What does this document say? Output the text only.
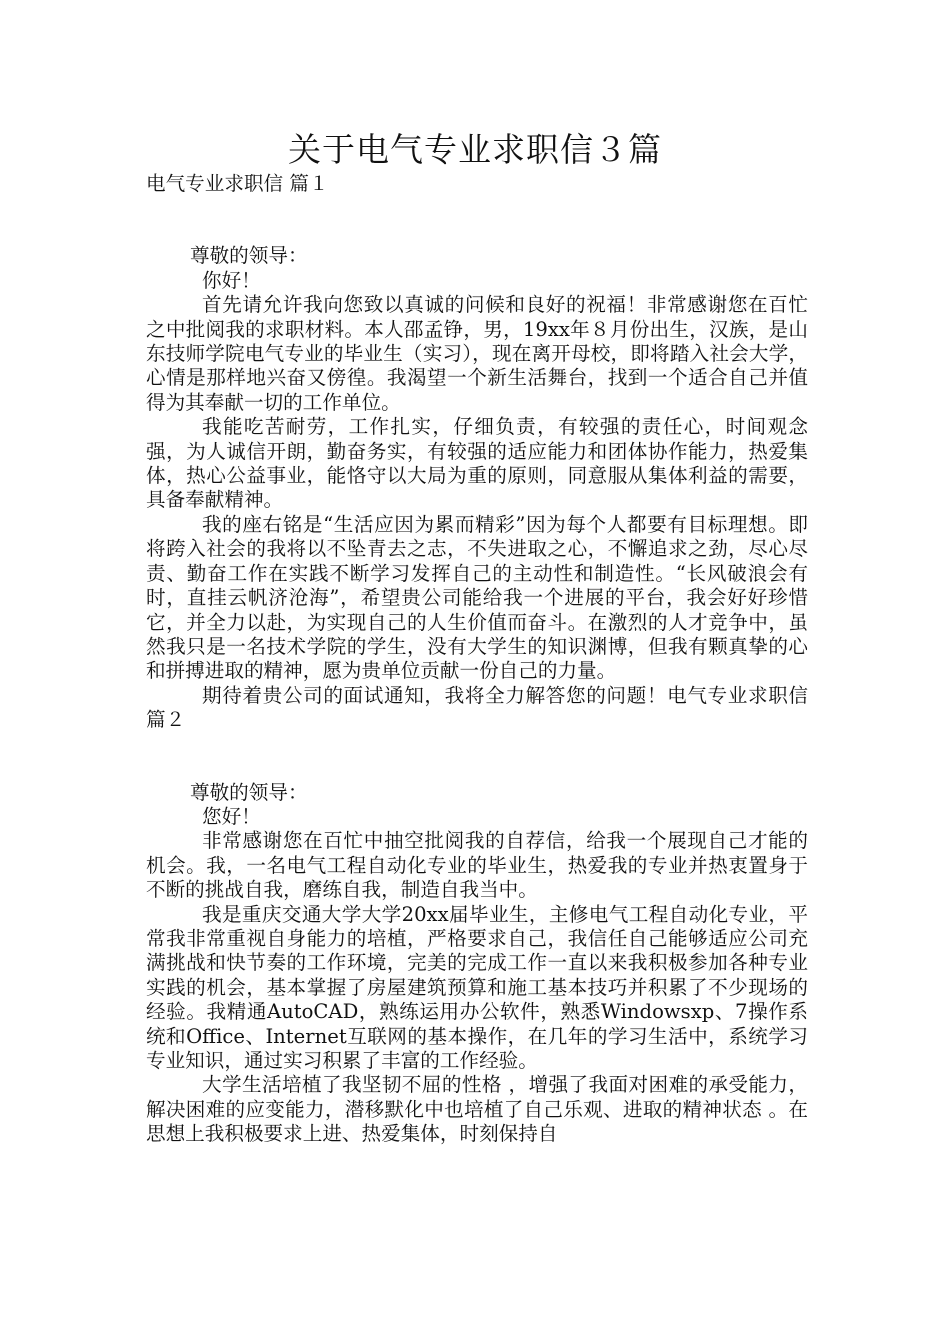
关于电气专业求职信３篇

电气专业求职信 篇１

尊敬的领导：

你好！

首先请允许我向您致以真诚的问候和良好的祝福！非常感谢您在百忙之中批阅我的求职材料。本人邵孟铮，男，19xx年８月份出生，汉族，是山东技师学院电气专业的毕业生（实习），现在离开母校，即将踏入社会大学，心情是那样地兴奋又傍徨。我渴望一个新生活舞台，找到一个适合自己并值得为其奉献一切的工作单位。

我能吃苦耐劳，工作扎实，仔细负责，有较强的责任心，时间观念强，为人诚信开朗，勤奋务实，有较强的适应能力和团体协作能力，热爱集体，热心公益事业，能恪守以大局为重的原则，同意服从集体利益的需要，具备奉献精神。

我的座右铭是“生活应因为累而精彩”因为每个人都要有目标理想。即将跨入社会的我将以不坠青去之志，不失进取之心，不懈追求之劲，尽心尽责、勤奋工作在实践不断学习发挥自己的主动性和制造性。“长风破浪会有时，直挂云帆济沧海”，希望贵公司能给我一个进展的平台，我会好好珍惜它，并全力以赴，为实现自己的人生价值而奋斗。在激烈的人才竞争中，虽然我只是一名技术学院的学生，没有大学生的知识渊博，但我有颗真挚的心和拼搏进取的精神，愿为贵单位贡献一份自己的力量。

期待着贵公司的面试通知，我将全力解答您的问题！电气专业求职信 篇２

尊敬的领导：

您好！

非常感谢您在百忙中抽空批阅我的自荐信，给我一个展现自己才能的机会。我，一名电气工程自动化专业的毕业生，热爱我的专业并热衷置身于不断的挑战自我，磨练自我，制造自我当中。

我是重庆交通大学大学20xx届毕业生，主修电气工程自动化专业，平常我非常重视自身能力的培植，严格要求自己，我信任自己能够适应公司充满挑战和快节奏的工作环境，完美的完成工作一直以来我积极参加各种专业实践的机会，基本掌握了房屋建筑预算和施工基本技巧并积累了不少现场的经验。我精通AutoCAD，熟练运用办公软件，熟悉Windowsxp、7操作系统和Office、Internet互联网的基本操作，在几年的学习生活中，系统学习专业知识，通过实习积累了丰富的工作经验。

大学生活培植了我坚韧不屈的性格 ，增强了我面对困难的承受能力，解决困难的应变能力，潜移默化中也培植了自己乐观、进取的精神状态 。在思想上我积极要求上进、热爱集体，时刻保持自
